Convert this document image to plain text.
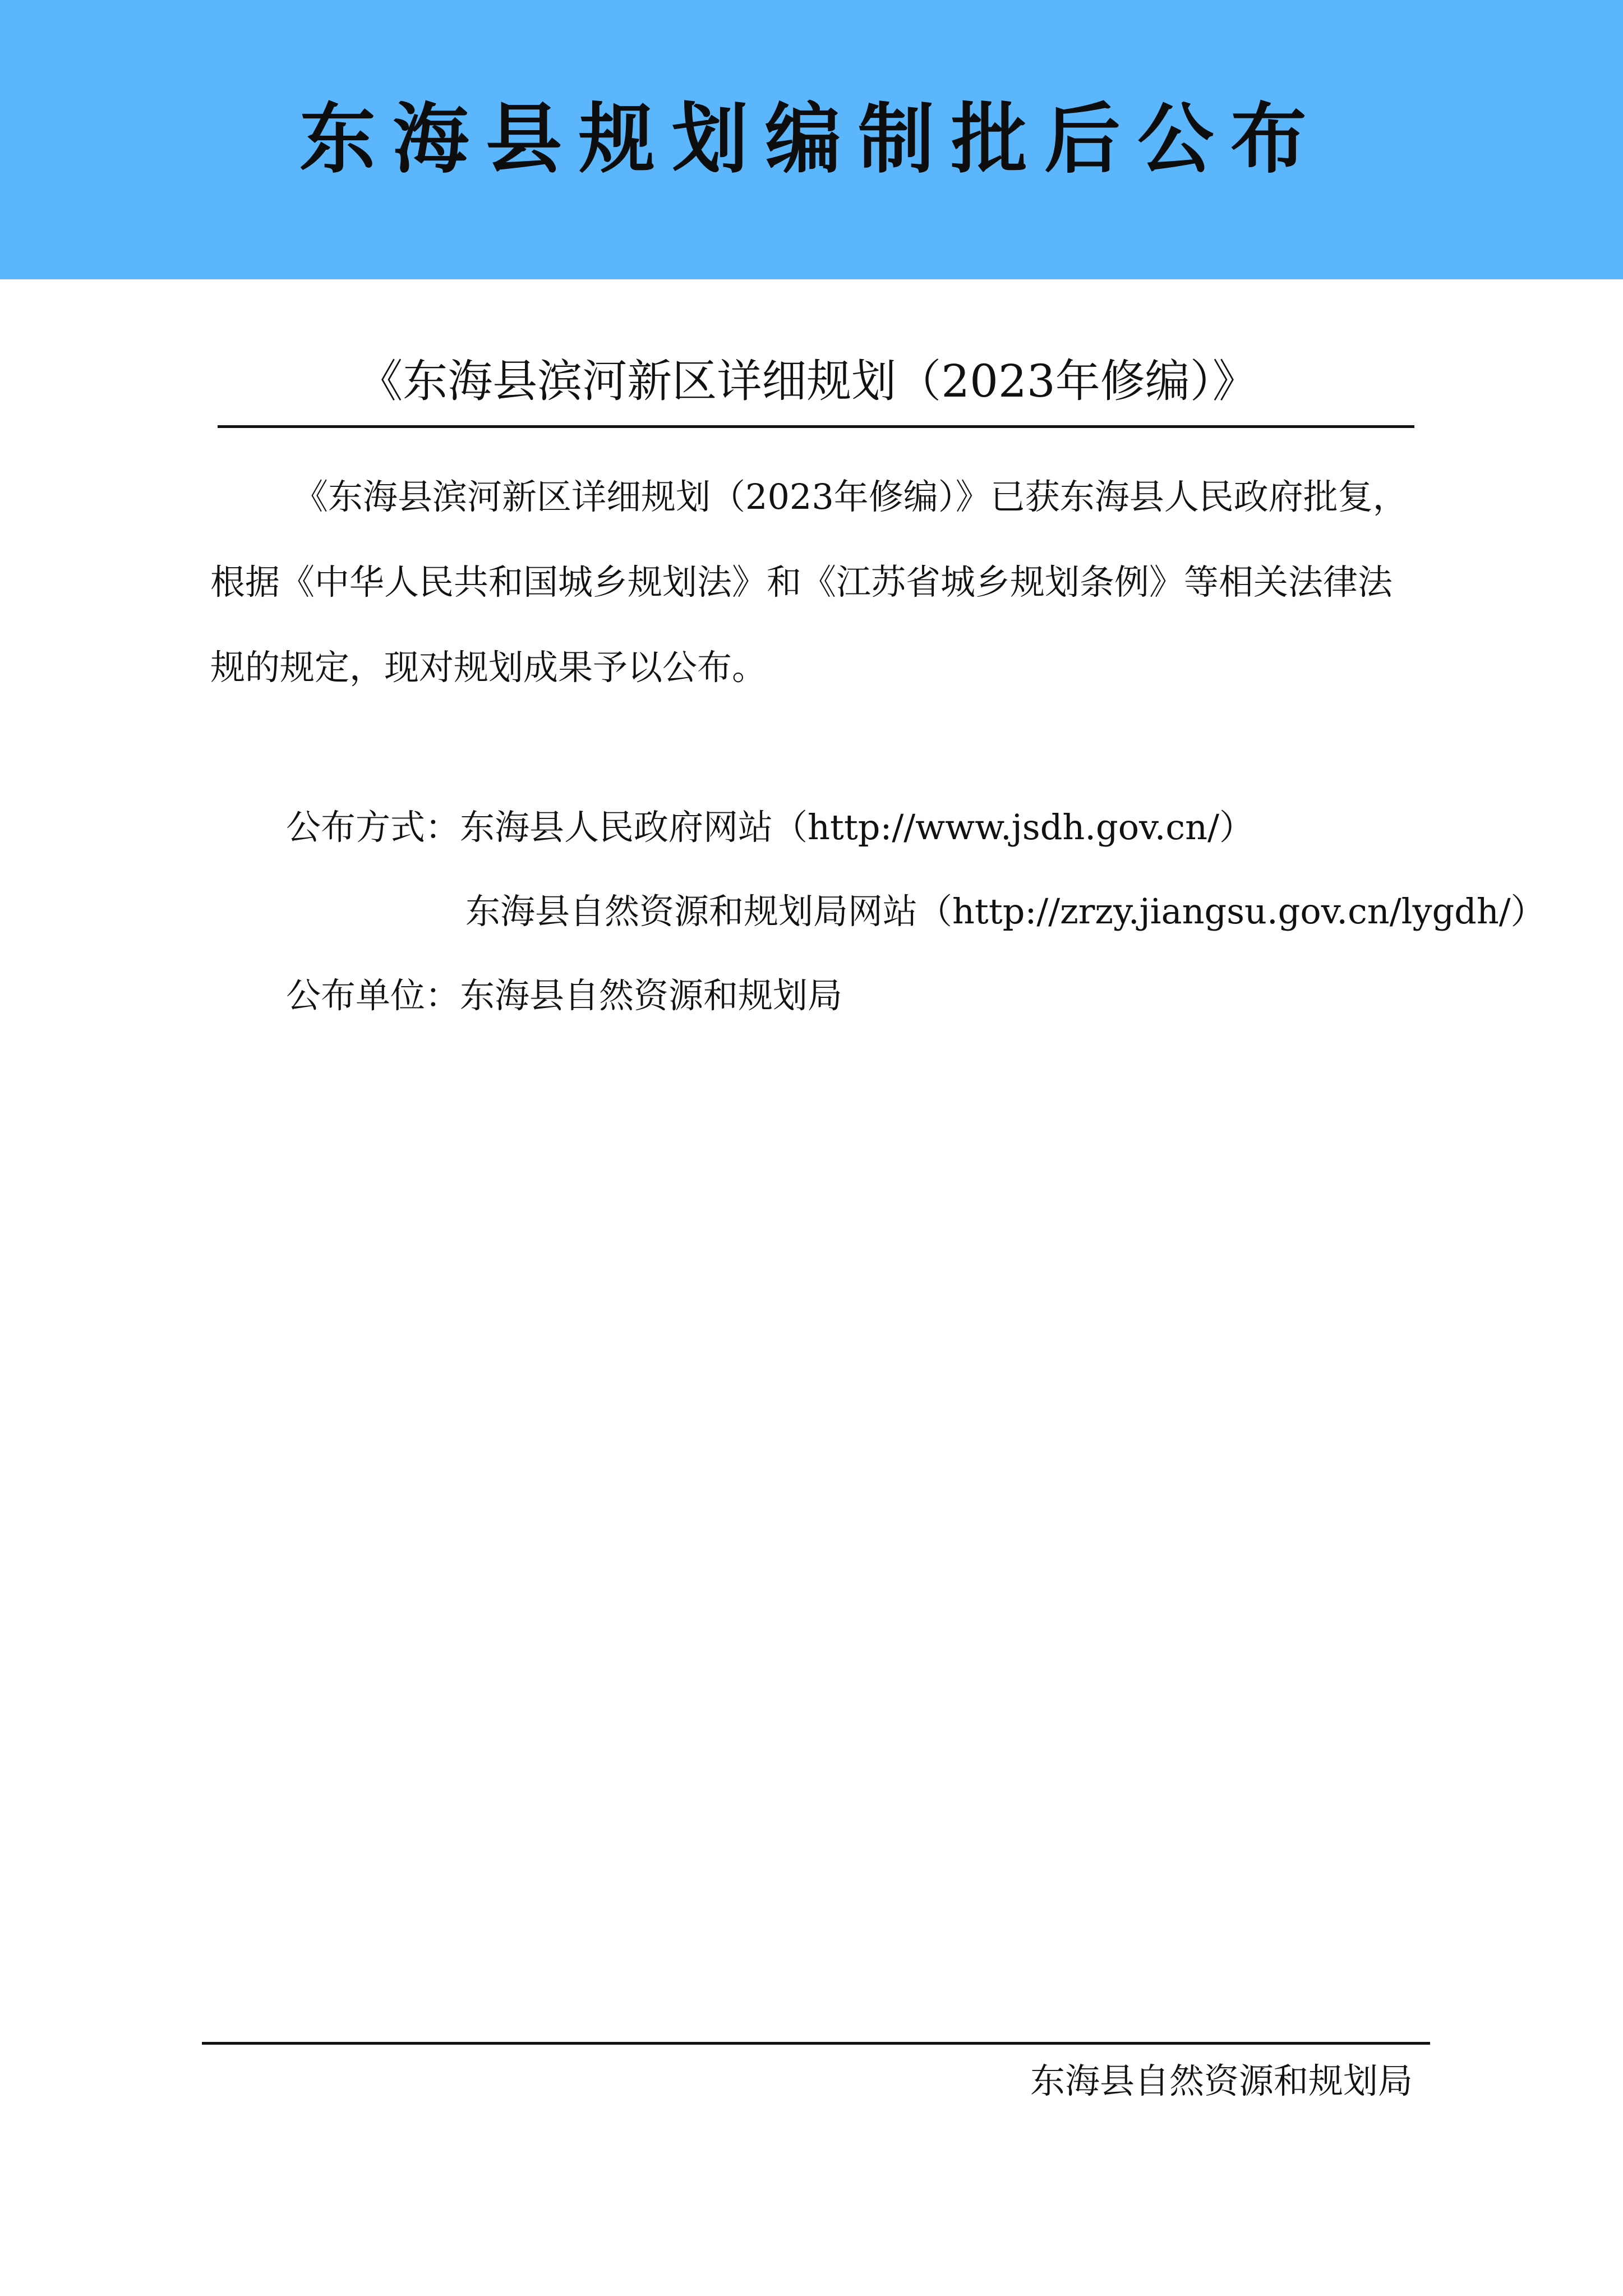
东海县规划编制批后公布
《东海县滨河新区详细规划（2023年修编）》

《东海县滨河新区详细规划（2023年修编）》已获东海县人民政府批复，根据《中华人民共和国城乡规划法》和《江苏省城乡规划条例》等相关法律法规的规定，现对规划成果予以公布。

公布方式：东海县人民政府网站（http://www.jsdh.gov.cn/）
东海县自然资源和规划局网站（http://zrzy.jiangsu.gov.cn/lygdh/）
公布单位：东海县自然资源和规划局
东海县自然资源和规划局
